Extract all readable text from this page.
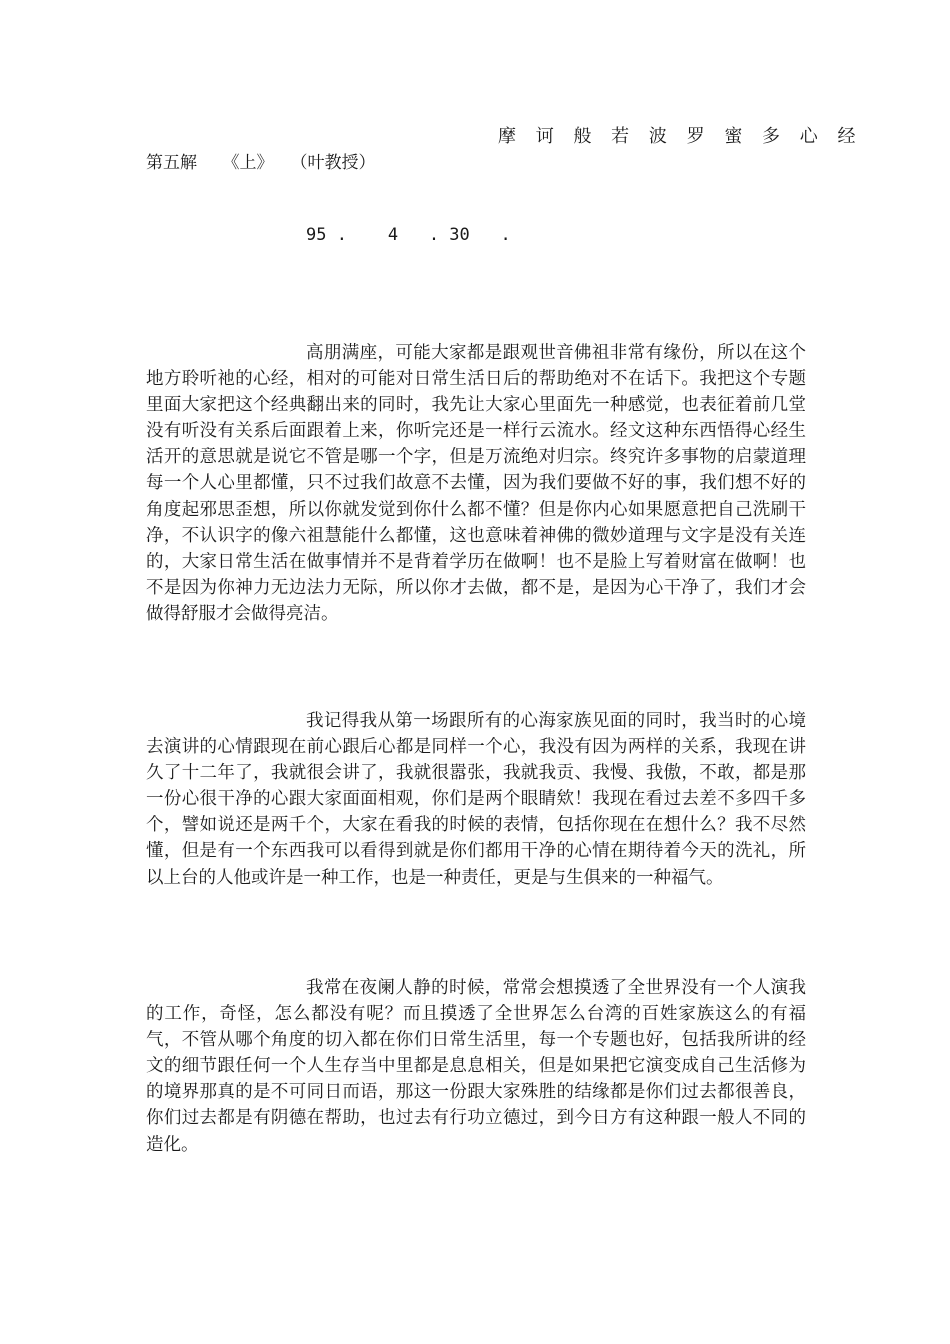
摩 诃 般 若 波 罗 蜜 多 心 经
第五解　　《上》　　（叶教授）
95 .    4   . 30   .

高朋满座，可能大家都是跟观世音佛祖非常有缘份，所以在这个地方聆听祂的心经，相对的可能对日常生活日后的帮助绝对不在话下。我把这个专题里面大家把这个经典翻出来的同时，我先让大家心里面先一种感觉，也表征着前几堂没有听没有关系后面跟着上来，你听完还是一样行云流水。经文这种东西悟得心经生活开的意思就是说它不管是哪一个字，但是万流绝对归宗。终究许多事物的启蒙道理每一个人心里都懂，只不过我们故意不去懂，因为我们要做不好的事，我们想不好的角度起邪思歪想，所以你就发觉到你什么都不懂？但是你内心如果愿意把自己洗刷干净，不认识字的像六祖慧能什么都懂，这也意味着神佛的微妙道理与文字是没有关连的，大家日常生活在做事情并不是背着学历在做啊！也不是脸上写着财富在做啊！也不是因为你神力无边法力无际，所以你才去做，都不是，是因为心干净了，我们才会做得舒服才会做得亮洁。

我记得我从第一场跟所有的心海家族见面的同时，我当时的心境去演讲的心情跟现在前心跟后心都是同样一个心，我没有因为两样的关系，我现在讲久了十二年了，我就很会讲了，我就很嚣张，我就我贡、我慢、我傲，不敢，都是那一份心很干净的心跟大家面面相观，你们是两个眼睛欸！我现在看过去差不多四千多个，譬如说还是两千个，大家在看我的时候的表情，包括你现在在想什么？我不尽然懂，但是有一个东西我可以看得到就是你们都用干净的心情在期待着今天的洗礼，所以上台的人他或许是一种工作，也是一种责任，更是与生俱来的一种福气。

我常在夜阑人静的时候，常常会想摸透了全世界没有一个人演我的工作，奇怪，怎么都没有呢？而且摸透了全世界怎么台湾的百姓家族这么的有福气，不管从哪个角度的切入都在你们日常生活里，每一个专题也好，包括我所讲的经文的细节跟任何一个人生存当中里都是息息相关，但是如果把它演变成自己生活修为的境界那真的是不可同日而语，那这一份跟大家殊胜的结缘都是你们过去都很善良，你们过去都是有阴德在帮助，也过去有行功立德过，到今日方有这种跟一般人不同的造化。
